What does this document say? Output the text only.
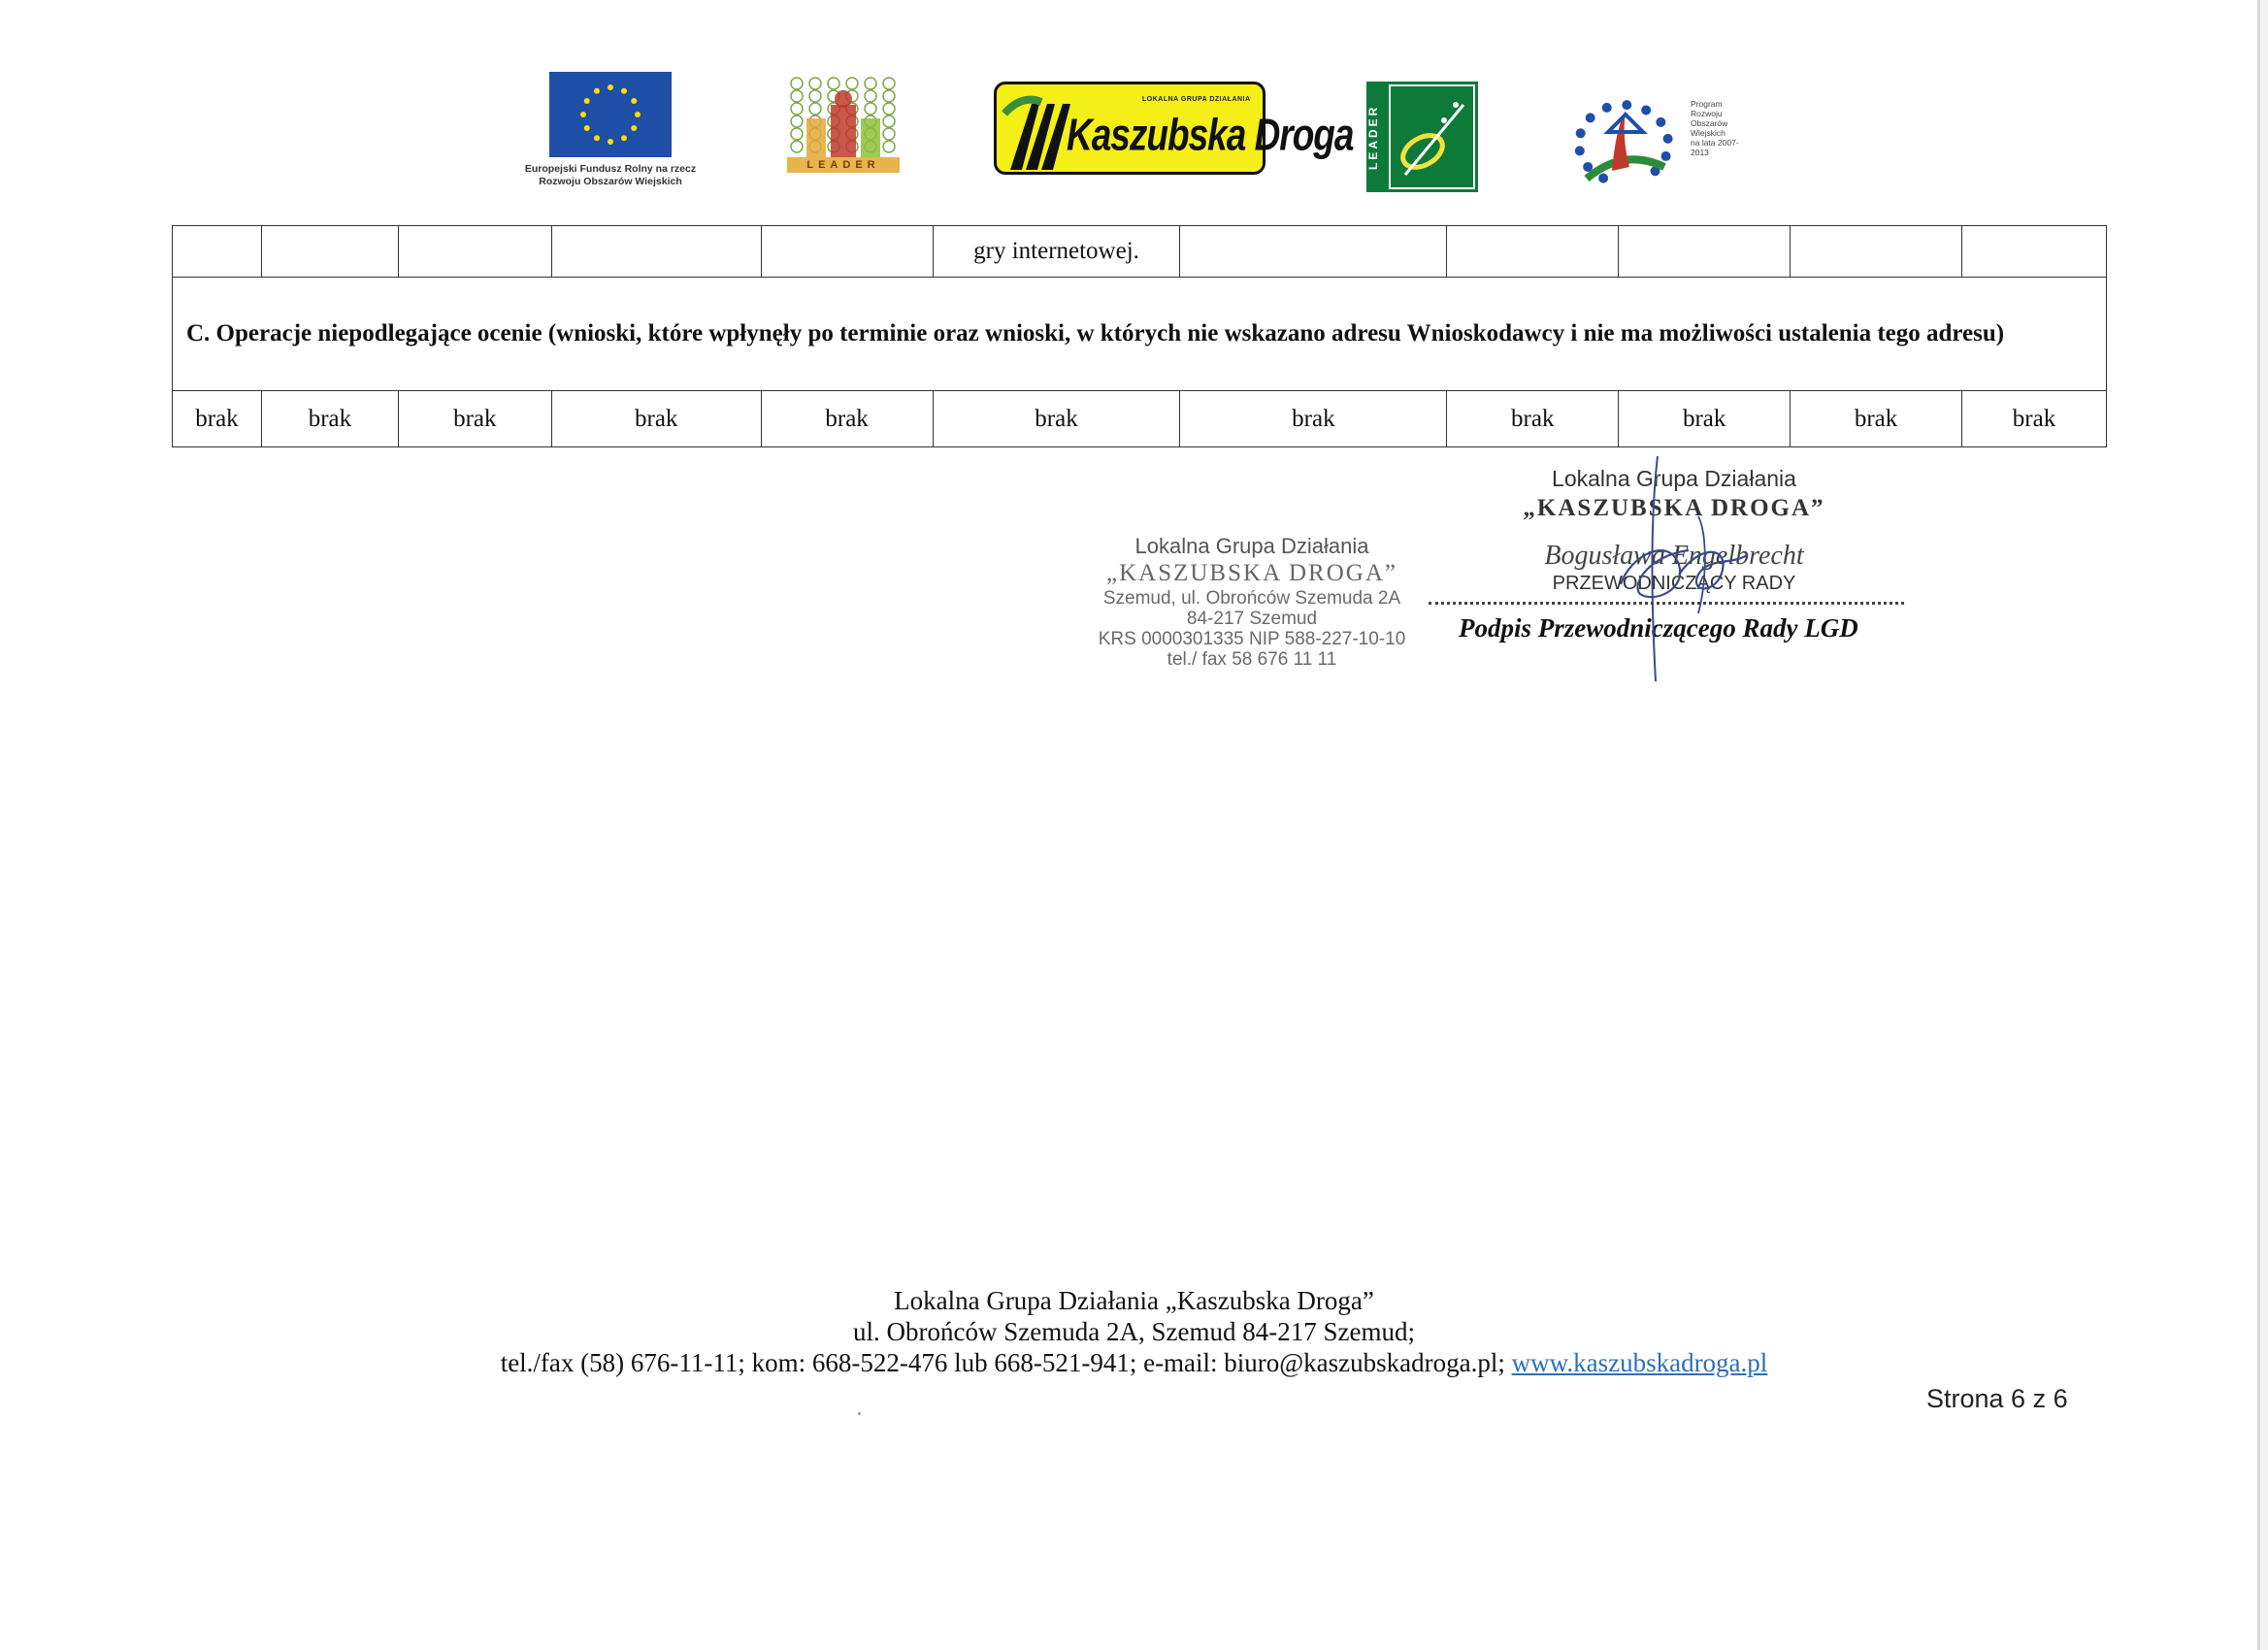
Europejski Fundusz Rolny na rzecz Rozwoju Obszarów Wiejskich
LEADER
LOKALNA GRUPA DZIAŁANIA
Kaszubska Droga LEADER
Program
Rozwoju
Obszarów
Wiejskich
na lata 2007-2013
					gry internetowej.					
C. Operacje niepodlegające ocenie (wnioski, które wpłynęły po terminie oraz wnioski, w których nie wskazano adresu Wnioskodawcy i nie ma możliwości ustalenia tego adresu)										
brak	brak	brak	brak	brak	brak	brak	brak	brak	brak	brak
Lokalna Grupa Działania
„KASZUBSKA DROGA”
Szemud, ul. Obrońców Szemuda 2A
84-217 Szemud
KRS 0000301335 NIP 588-227-10-10
tel./ fax 58 676 11 11
Lokalna Grupa Działania
„KASZUBSKA DROGA”
Bogusława Engelbrecht
PRZEWODNICZĄCY RADY
Podpis Przewodniczącego Rady LGD
Lokalna Grupa Działania „Kaszubska Droga”
ul. Obrońców Szemuda 2A, Szemud 84-217 Szemud;
tel./fax (58) 676-11-11; kom: 668-522-476 lub 668-521-941; e-mail: biuro@kaszubskadroga.pl; www.kaszubskadroga.pl
Strona 6 z 6
